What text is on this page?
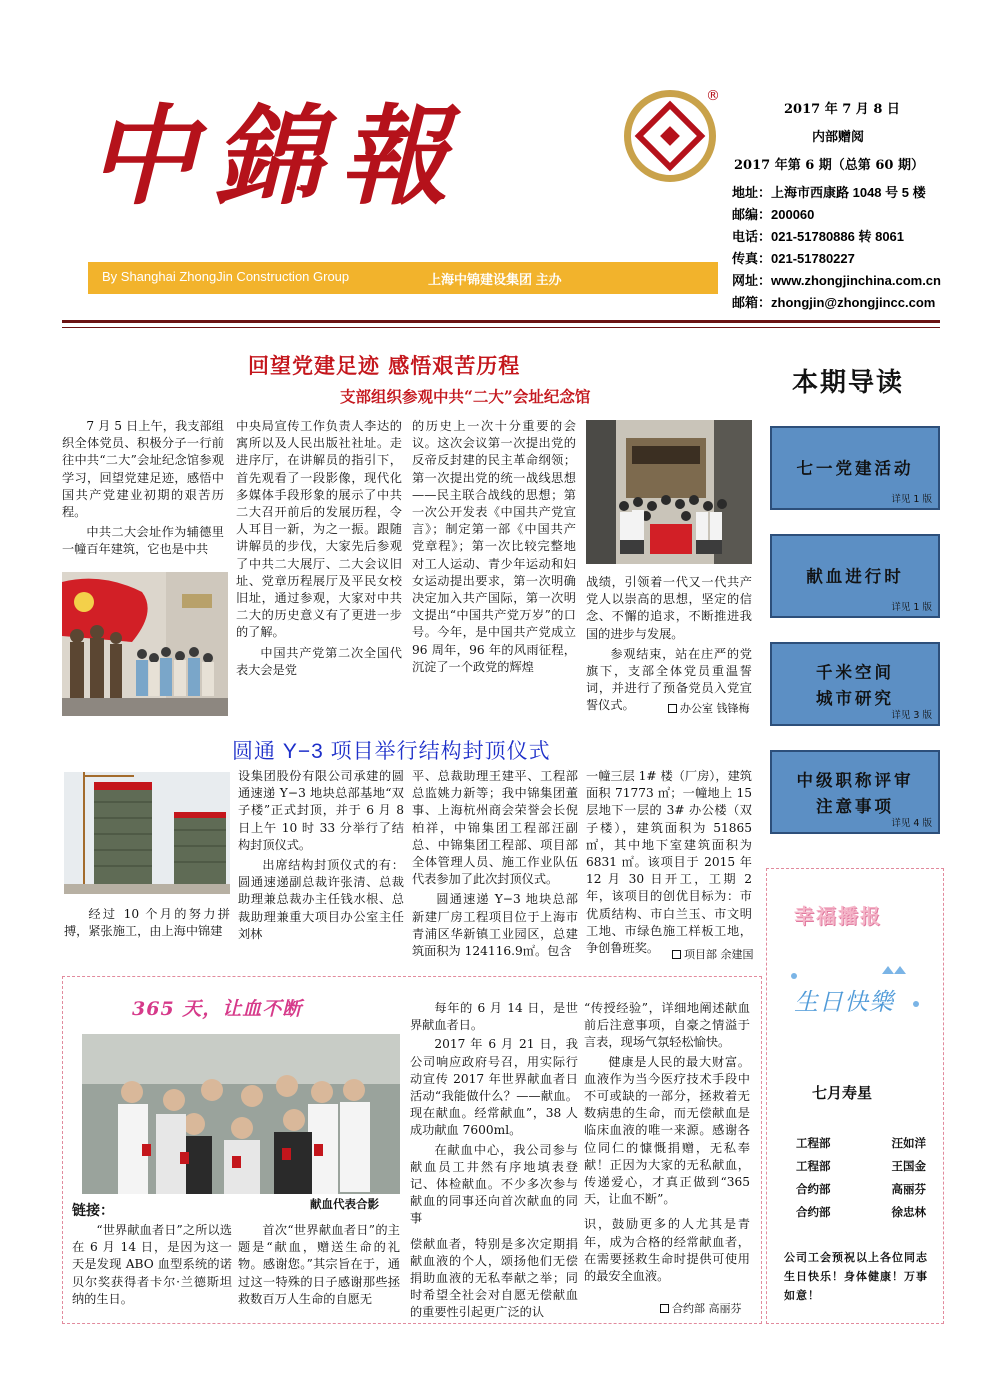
中錦報	®
By Shanghai ZhongJin Construction Group	上海中锦建设集团 主办
2017 年 7 月 8 日
内部赠阅
2017 年第 6 期（总第 60 期）
地址：上海市西康路 1048 号 5 楼
邮编：200060
电话：021-51780886 转 8061
传真：021-51780227
网址：www.zhongjinchina.com.cn
邮箱：zhongjin@zhongjincc.com
回望党建足迹 感悟艰苦历程
支部组织参观中共“二大”会址纪念馆

7 月 5 日上午，我支部组织全体党员、积极分子一行前往中共“二大”会址纪念馆参观学习，回望党建足迹，感悟中国共产党建业初期的艰苦历程。

中共二大会址作为辅德里一幢百年建筑，它也是中共

中央局宣传工作负责人李达的寓所以及人民出版社社址。走进序厅，在讲解员的指引下，首先观看了一段影像，现代化多媒体手段形象的展示了中共二大召开前后的发展历程，令人耳目一新，为之一振。跟随讲解员的步伐，大家先后参观了中共二大展厅、二大会议旧址、党章历程展厅及平民女校旧址，通过参观，大家对中共二大的历史意义有了更进一步的了解。

中国共产党第二次全国代表大会是党

的历史上一次十分重要的会议。这次会议第一次提出党的反帝反封建的民主革命纲领；第一次提出党的统一战线思想——民主联合战线的思想；第一次公开发表《中国共产党宣言》；制定第一部《中国共产党章程》；第一次比较完整地对工人运动、青少年运动和妇女运动提出要求，第一次明确决定加入共产国际，第一次明文提出“中国共产党万岁”的口号。今年，是中国共产党成立 96 周年，96 年的风雨征程，沉淀了一个政党的辉煌

战绩，引领着一代又一代共产党人以崇高的思想，坚定的信念、不懈的追求，不断推进我国的进步与发展。

参观结束，站在庄严的党旗下，支部全体党员重温誓词，并进行了预备党员入党宣誓仪式。	办公室 钱锋梅
圆通 Y−3 项目举行结构封顶仪式

经过 10 个月的努力拼搏，紧张施工，由上海中锦建

设集团股份有限公司承建的圆通速递 Y−3 地块总部基地“双子楼”正式封顶，并于 6 月 8 日上午 10 时 33 分举行了结构封顶仪式。

出席结构封顶仪式的有：圆通速递副总裁许张清、总裁助理兼总裁办主任钱水根、总裁助理兼重大项目办公室主任刘林

平、总裁助理王建平、工程部总监姚力新等；我中锦集团董事、上海杭州商会荣誉会长倪柏祥，中锦集团工程部汪副总、中锦集团工程部、项目部全体管理人员、施工作业队伍代表参加了此次封顶仪式。

圆通速递 Y−3 地块总部新建厂房工程项目位于上海市青浦区华新镇工业园区，总建筑面积为 124116.9㎡。包含

一幢三层 1# 楼（厂房），建筑面积 71773 ㎡；一幢地上 15 层地下一层的 3# 办公楼（双子楼），建筑面积为 51865 ㎡，其中地下室建筑面积为 6831 ㎡。该项目于 2015 年 12 月 30 日开工，工期 2 年，该项目的创优目标为：市优质结构、市白兰玉、市文明工地、市绿色施工样板工地，争创鲁班奖。	项目部 余建国
365 天，让血不断
献血代表合影
链接：

“世界献血者日”之所以选在 6 月 14 日，是因为这一天是发现 ABO 血型系统的诺贝尔奖获得者卡尔·兰德斯坦纳的生日。

首次“世界献血者日”的主题是“献血，赠送生命的礼物。感谢您。”其宗旨在于，通过这一特殊的日子感谢那些拯救数百万人生命的自愿无

每年的 6 月 14 日，是世界献血者日。

2017 年 6 月 21 日，我公司响应政府号召，用实际行动宣传 2017 年世界献血者日活动“我能做什么？——献血。现在献血。经常献血”，38 人成功献血 7600ml。

在献血中心，我公司参与献血员工井然有序地填表登记、体检献血。不少多次参与献血的同事还向首次献血的同事

偿献血者，特别是多次定期捐献血液的个人，颂扬他们无偿捐助血液的无私奉献之举；同时希望全社会对自愿无偿献血的重要性引起更广泛的认

“传授经验”，详细地阐述献血前后注意事项，自豪之情溢于言表，现场气氛轻松愉快。

健康是人民的最大财富。血液作为当今医疗技术手段中不可或缺的一部分，拯救着无数病患的生命，而无偿献血是临床血液的唯一来源。感谢各位同仁的慷慨捐赠，无私奉献！正因为大家的无私献血，传递爱心，才真正做到“365 天，让血不断”。

识，鼓励更多的人尤其是青年，成为合格的经常献血者，在需要拯救生命时提供可使用的最安全血液。

合约部 高丽芬
本期导读
七一党建活动
详见 1 版
献血进行时
详见 1 版
千米空间
城市研究
详见 3 版
中级职称评审
注意事项
详见 4 版
幸福播报
生日快樂
七月寿星
工程部	汪如洋
工程部	王国金
合约部	高丽芬
合约部	徐忠林
公司工会预祝以上各位同志生日快乐！身体健康！万事如意！
